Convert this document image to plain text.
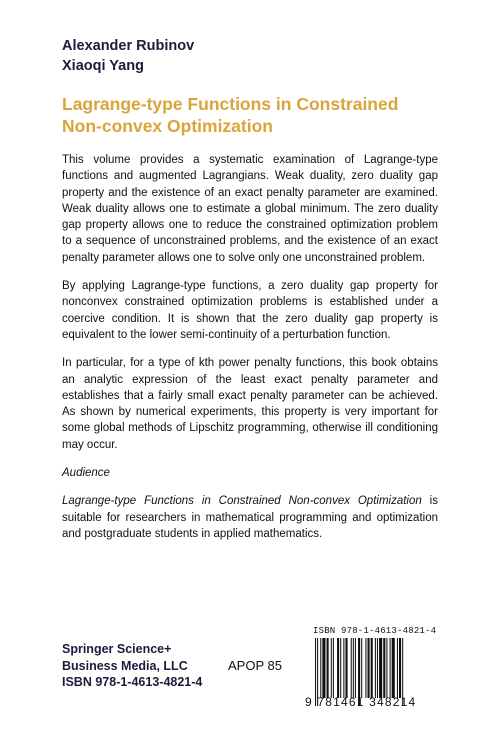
Alexander Rubinov
Xiaoqi Yang
Lagrange-type Functions in Constrained
Non-convex Optimization

This volume provides a systematic examination of Lagrange-type functions and augmented Lagrangians. Weak duality, zero duality gap property and the existence of an exact penalty parameter are examined. Weak duality allows one to estimate a global minimum. The zero duality gap property allows one to reduce the constrained optimization problem to a sequence of unconstrained problems, and the existence of an exact penalty parameter allows one to solve only one unconstrained problem.

By applying Lagrange-type functions, a zero duality gap property for nonconvex constrained optimization problems is established under a coercive condition. It is shown that the zero duality gap property is equivalent to the lower semi-continuity of a perturbation function.

In particular, for a type of kth power penalty functions, this book obtains an analytic expression of the least exact penalty parameter and establishes that a fairly small exact penalty parameter can be achieved. As shown by numerical experiments, this property is very important for some global methods of Lipschitz programming, otherwise ill conditioning may occur.

Audience

Lagrange-type Functions in Constrained Non-convex Optimization is suitable for researchers in mathematical programming and optimization and postgraduate students in applied mathematics.

Springer Science+
Business Media, LLC
ISBN 978-1-4613-4821-4
APOP 85
ISBN 978-1-4613-4821-4
9 781461 348214
